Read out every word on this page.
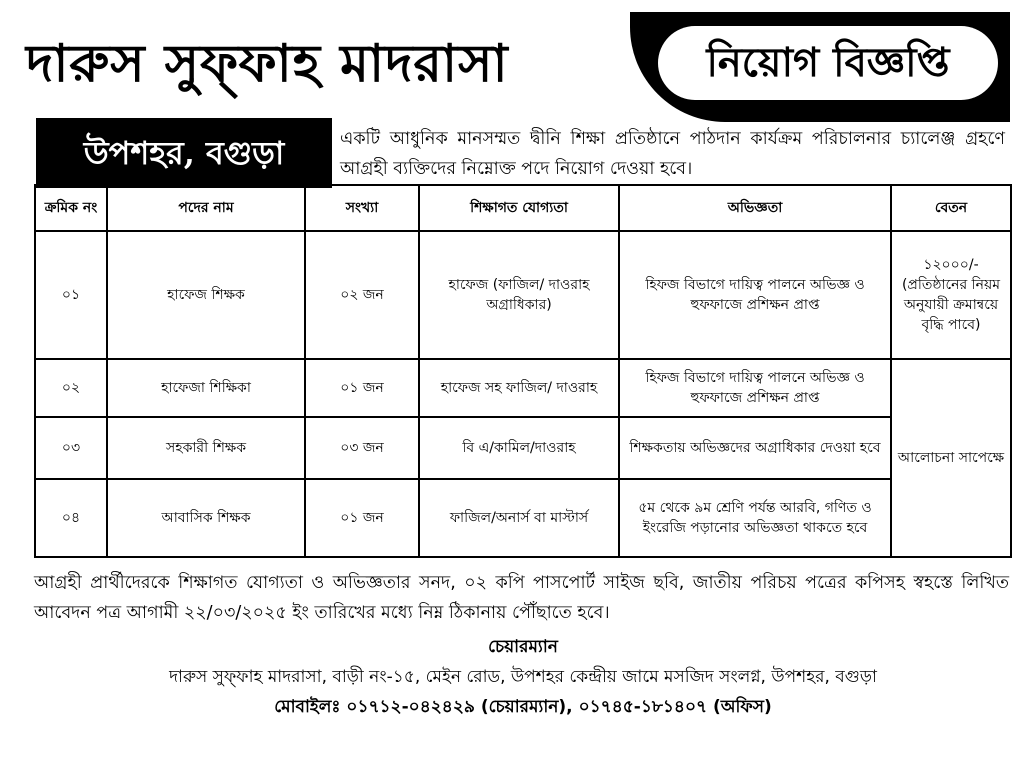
দারুস সুফ্‌ফাহ মাদরাসা	নিয়োগ বিজ্ঞপ্তি
উপশহর, বগুড়া	একটি আধুনিক মানসম্মত দ্বীনি শিক্ষা প্রতিষ্ঠানে পাঠদান কার্যক্রম পরিচালনার চ্যালেঞ্জ গ্রহণে আগ্রহী ব্যক্তিদের নিম্নোক্ত পদে নিয়োগ দেওয়া হবে।
ক্রমিক নং	পদের নাম	সংখ্যা	শিক্ষাগত যোগ্যতা	অভিজ্ঞতা	বেতন
০১	হাফেজ শিক্ষক	০২ জন	হাফেজ (ফাজিল/ দাওরাহ অগ্রাধিকার)	হিফজ বিভাগে দায়িত্ব পালনে অভিজ্ঞ ও হুফফাজে প্রশিক্ষন প্রাপ্ত	১২০০০/- (প্রতিষ্ঠানের নিয়ম অনুযায়ী ক্রমান্বয়ে বৃদ্ধি পাবে)
০২	হাফেজা শিক্ষিকা	০১ জন	হাফেজ সহ ফাজিল/ দাওরাহ	হিফজ বিভাগে দায়িত্ব পালনে অভিজ্ঞ ও হুফফাজে প্রশিক্ষন প্রাপ্ত	আলোচনা সাপেক্ষে
০৩	সহকারী শিক্ষক	০৩ জন	বি এ/কামিল/দাওরাহ	শিক্ষকতায় অভিজ্ঞদের অগ্রাধিকার দেওয়া হবে	
০৪	আবাসিক শিক্ষক	০১ জন	ফাজিল/অনার্স বা মাস্টার্স	৫ম থেকে ৯ম শ্রেণি পর্যন্ত আরবি, গণিত ও ইংরেজি পড়ানোর অভিজ্ঞতা থাকতে হবে	
আগ্রহী প্রার্থীদেরকে শিক্ষাগত যোগ্যতা ও অভিজ্ঞতার সনদ, ০২ কপি পাসপোর্ট সাইজ ছবি, জাতীয় পরিচয় পত্রের কপিসহ স্বহস্তে লিখিত আবেদন পত্র আগামী ২২/০৩/২০২৫ ইং তারিখের মধ্যে নিম্ন ঠিকানায় পৌঁছাতে হবে।
চেয়ারম্যান
দারুস সুফ্‌ফাহ মাদরাসা, বাড়ী নং-১৫, মেইন রোড, উপশহর কেন্দ্রীয় জামে মসজিদ সংলগ্ন, উপশহর, বগুড়া
মোবাইলঃ ০১৭১২-০৪২৪২৯ (চেয়ারম্যান), ০১৭৪৫-১৮১৪০৭ (অফিস)
